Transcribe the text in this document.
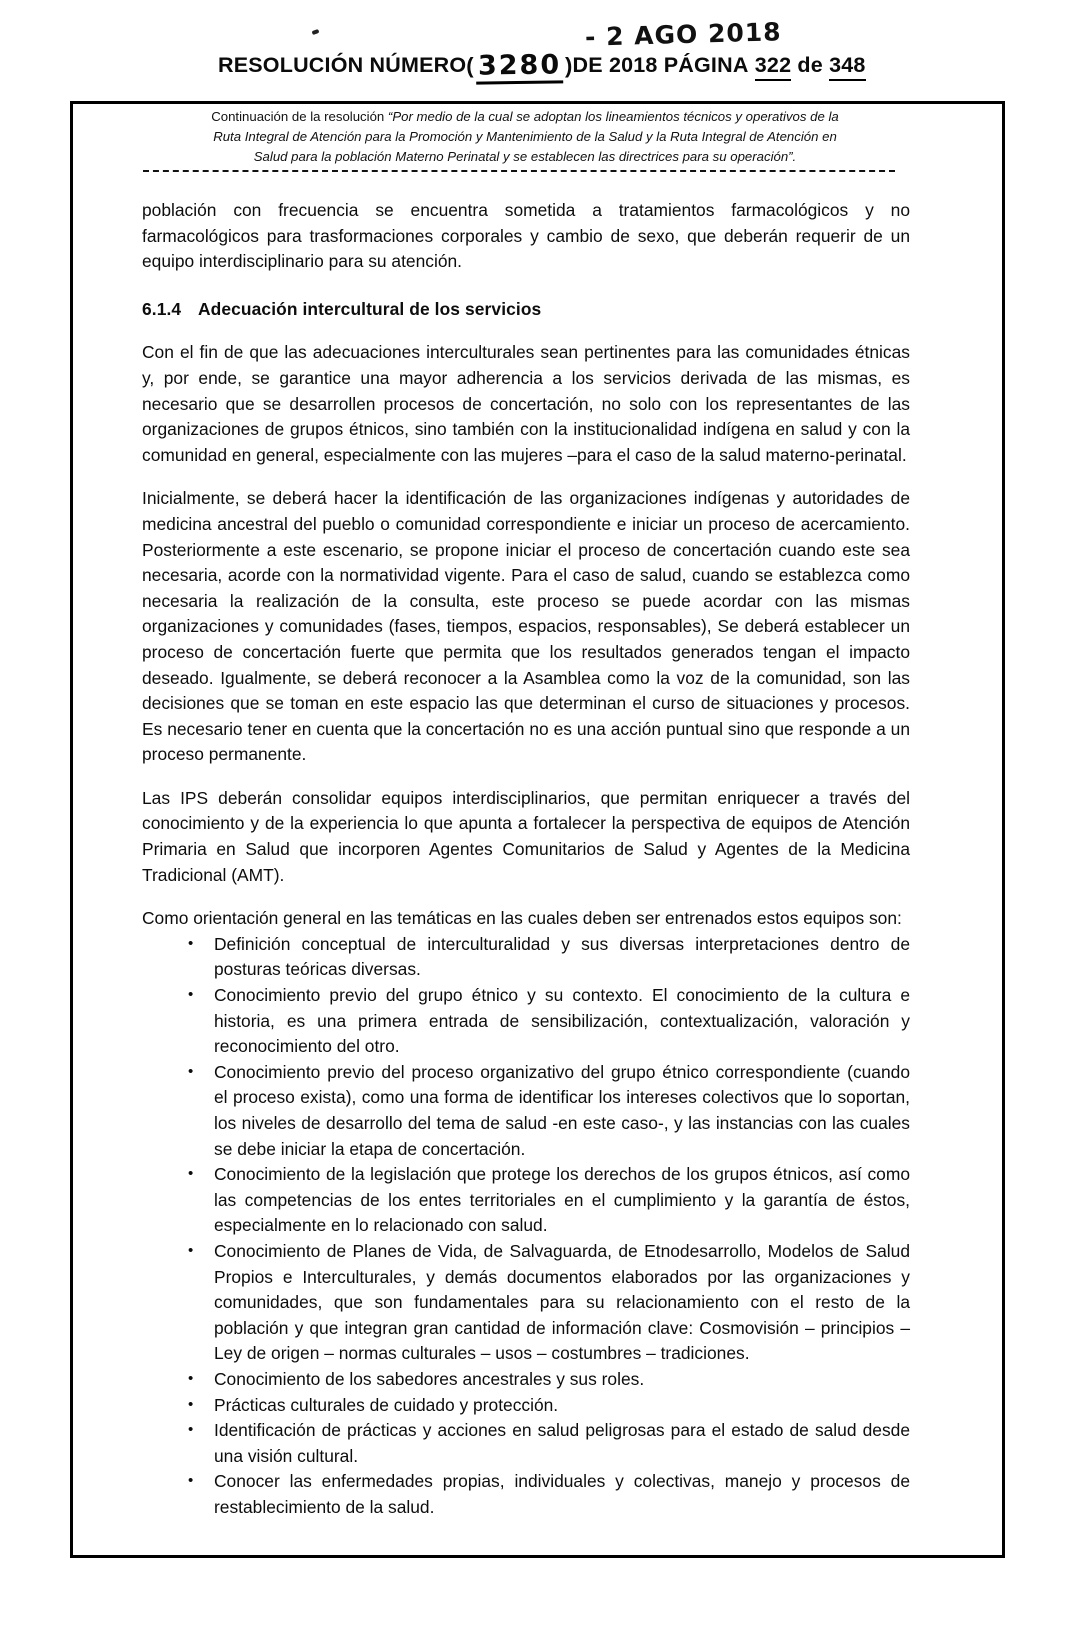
- 2 AGO 2018
RESOLUCIÓN NÚMERO( 3280 )DE 2018 PÁGINA 322 de 348
Continuación de la resolución “Por medio de la cual se adoptan los lineamientos técnicos y operativos de la
Ruta Integral de Atención para la Promoción y Mantenimiento de la Salud y la Ruta Integral de Atención en
Salud para la población Materno Perinatal y se establecen las directrices para su operación”.

población con frecuencia se encuentra sometida a tratamientos farmacológicos y no farmacológicos para trasformaciones corporales y cambio de sexo, que deberán requerir de un equipo interdisciplinario para su atención.

6.1.4 Adecuación intercultural de los servicios

Con el fin de que las adecuaciones interculturales sean pertinentes para las comunidades étnicas y, por ende, se garantice una mayor adherencia a los servicios derivada de las mismas, es necesario que se desarrollen procesos de concertación, no solo con los representantes de las organizaciones de grupos étnicos, sino también con la institucionalidad indígena en salud y con la comunidad en general, especialmente con las mujeres –para el caso de la salud materno-perinatal.

Inicialmente, se deberá hacer la identificación de las organizaciones indígenas y autoridades de medicina ancestral del pueblo o comunidad correspondiente e iniciar un proceso de acercamiento. Posteriormente a este escenario, se propone iniciar el proceso de concertación cuando este sea necesaria, acorde con la normatividad vigente. Para el caso de salud, cuando se establezca como necesaria la realización de la consulta, este proceso se puede acordar con las mismas organizaciones y comunidades (fases, tiempos, espacios, responsables), Se deberá establecer un proceso de concertación fuerte que permita que los resultados generados tengan el impacto deseado. Igualmente, se deberá reconocer a la Asamblea como la voz de la comunidad, son las decisiones que se toman en este espacio las que determinan el curso de situaciones y procesos. Es necesario tener en cuenta que la concertación no es una acción puntual sino que responde a un proceso permanente.

Las IPS deberán consolidar equipos interdisciplinarios, que permitan enriquecer a través del conocimiento y de la experiencia lo que apunta a fortalecer la perspectiva de equipos de Atención Primaria en Salud que incorporen Agentes Comunitarios de Salud y Agentes de la Medicina Tradicional (AMT).

Como orientación general en las temáticas en las cuales deben ser entrenados estos equipos son:

• Definición conceptual de interculturalidad y sus diversas interpretaciones dentro de posturas teóricas diversas.
• Conocimiento previo del grupo étnico y su contexto. El conocimiento de la cultura e historia, es una primera entrada de sensibilización, contextualización, valoración y reconocimiento del otro.
• Conocimiento previo del proceso organizativo del grupo étnico correspondiente (cuando el proceso exista), como una forma de identificar los intereses colectivos que lo soportan, los niveles de desarrollo del tema de salud -en este caso-, y las instancias con las cuales se debe iniciar la etapa de concertación.
• Conocimiento de la legislación que protege los derechos de los grupos étnicos, así como las competencias de los entes territoriales en el cumplimiento y la garantía de éstos, especialmente en lo relacionado con salud.
• Conocimiento de Planes de Vida, de Salvaguarda, de Etnodesarrollo, Modelos de Salud Propios e Interculturales, y demás documentos elaborados por las organizaciones y comunidades, que son fundamentales para su relacionamiento con el resto de la población y que integran gran cantidad de información clave: Cosmovisión – principios – Ley de origen – normas culturales – usos – costumbres – tradiciones.
• Conocimiento de los sabedores ancestrales y sus roles.
• Prácticas culturales de cuidado y protección.
• Identificación de prácticas y acciones en salud peligrosas para el estado de salud desde una visión cultural.
• Conocer las enfermedades propias, individuales y colectivas, manejo y procesos de restablecimiento de la salud.
